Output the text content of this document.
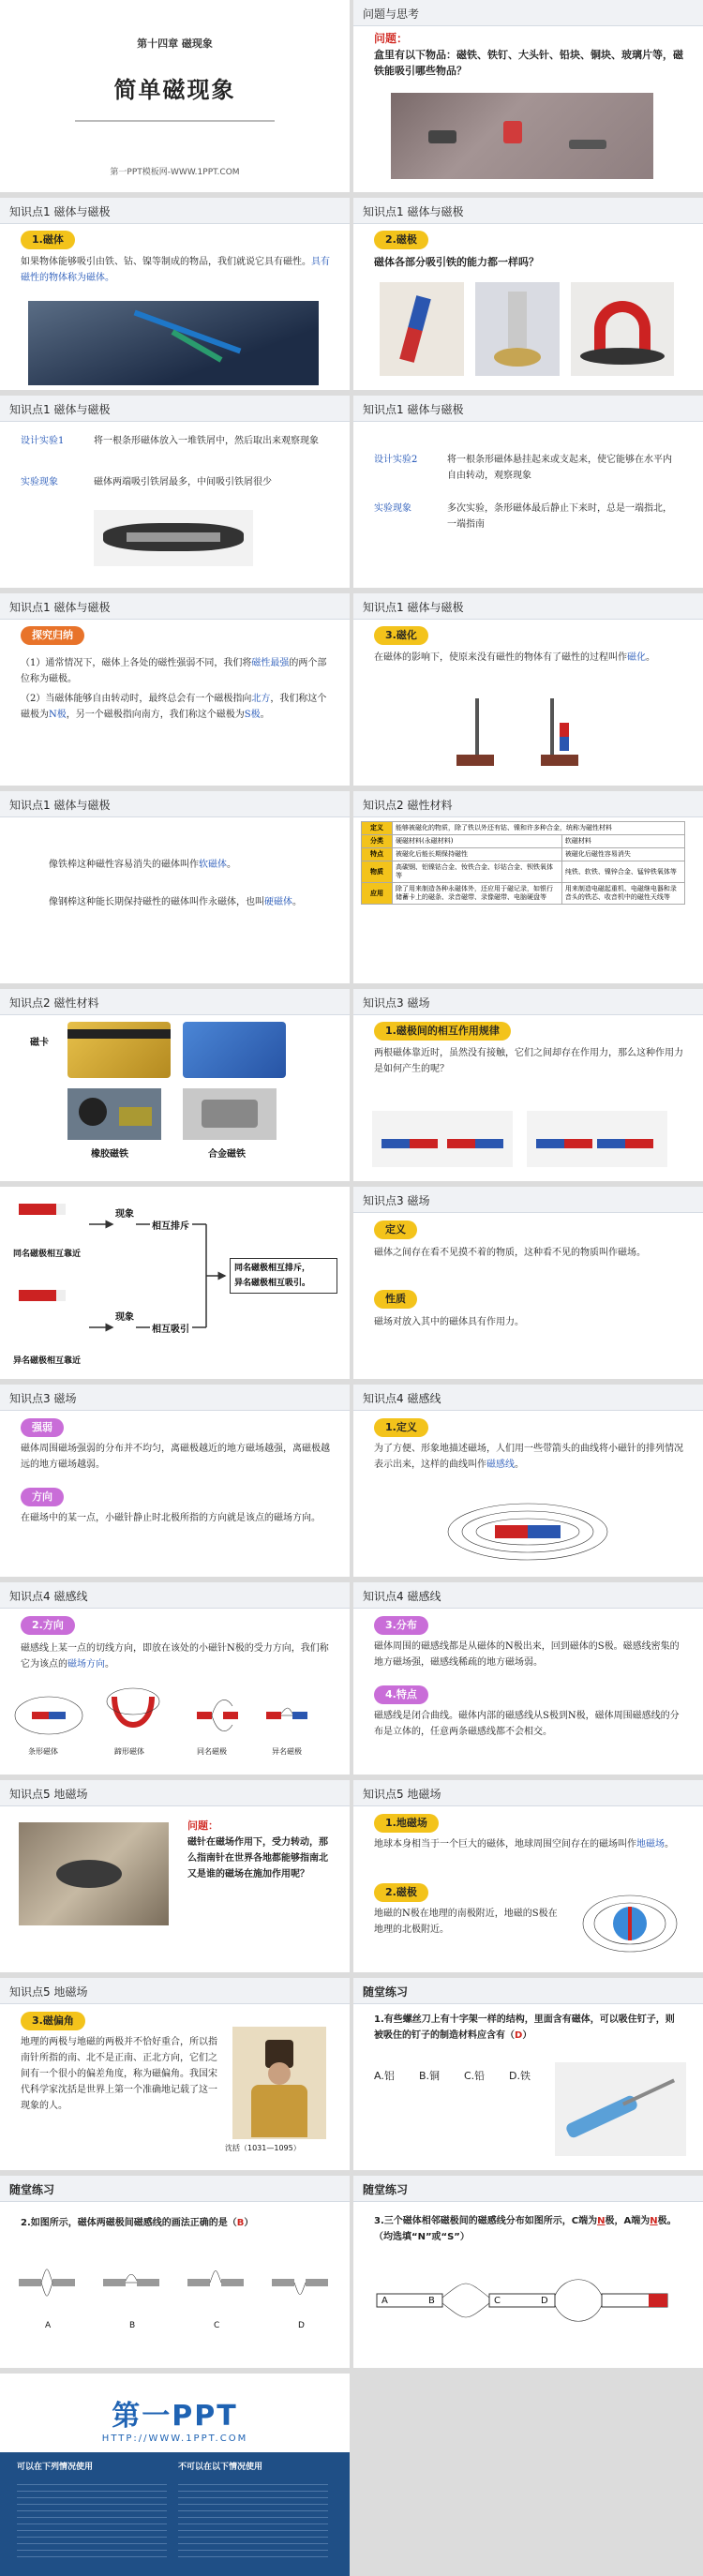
第十四章 磁现象
简单磁现象
第一PPT模板网-WWW.1PPT.COM
问题与思考
问题：
盒里有以下物品：磁铁、铁钉、大头针、铅块、铜块、玻璃片等，磁铁能吸引哪些物品？
知识点1 磁体与磁极
1.磁体
如果物体能够吸引由铁、钴、镍等制成的物品，我们就说它具有磁性。具有磁性的物体称为磁体。
知识点1 磁体与磁极
2.磁极
磁体各部分吸引铁的能力都一样吗？
知识点1 磁体与磁极
设计实验1	将一根条形磁体放入一堆铁屑中，然后取出来观察现象
实验现象	磁体两端吸引铁屑最多，中间吸引铁屑很少
知识点1 磁体与磁极
设计实验2	将一根条形磁体悬挂起来或支起来，使它能够在水平内自由转动，观察现象
实验现象	多次实验，条形磁体最后静止下来时，总是一端指北，一端指南
知识点1 磁体与磁极
探究归纳
（1）通常情况下，磁体上各处的磁性强弱不同，我们将磁性最强的两个部位称为磁极。
（2）当磁体能够自由转动时，最终总会有一个磁极指向北方，我们称这个磁极为N极，另一个磁极指向南方，我们称这个磁极为S极。
知识点1 磁体与磁极
3.磁化
在磁体的影响下，使原来没有磁性的物体有了磁性的过程叫作磁化。
知识点1 磁体与磁极
像铁棒这种磁性容易消失的磁体叫作软磁体。
像钢棒这种能长期保持磁性的磁体叫作永磁体，也叫硬磁体。
知识点2 磁性材料
定义	能够被磁化的物质，除了铁以外还有钴、镍和许多种合金，统称为磁性材料	
分类	硬磁材料(永磁材料)	软磁材料
特点	被磁化后能长期保持磁性	被磁化后磁性容易消失
物质	高碳钢、铝镍钴合金、钕铁合金、钐钴合金、钡铁氧体等	纯铁、软铁、镍锌合金、锰锌铁氧体等
应用	除了用来制造各种永磁体外，还应用于磁记录，如银行储蓄卡上的磁条、录音磁带、录像磁带、电脑硬盘等	用来制造电磁起重机、电磁继电器和录音头的铁芯、收音机中的磁性天线等
知识点2 磁性材料
磁卡
橡胶磁铁	合金磁铁
知识点3 磁场
1.磁极间的相互作用规律
两根磁体靠近时，虽然没有接触，它们之间却存在作用力，那么这种作用力是如何产生的呢？
同名磁极相互靠近
异名磁极相互靠近
现象
现象
相互排斥
相互吸引
同名磁极相互排斥，
异名磁极相互吸引。
知识点3 磁场
定义
磁体之间存在看不见摸不着的物质，这种看不见的物质叫作磁场。
性质
磁场对放入其中的磁体具有作用力。
知识点3 磁场
强弱
磁体周围磁场强弱的分布并不均匀，离磁极越近的地方磁场越强，离磁极越远的地方磁场越弱。
方向
在磁场中的某一点，小磁针静止时北极所指的方向就是该点的磁场方向。
知识点4 磁感线
1.定义
为了方便、形象地描述磁场，人们用一些带箭头的曲线将小磁针的排列情况表示出来，这样的曲线叫作磁感线。
知识点4 磁感线
2.方向
磁感线上某一点的切线方向，即放在该处的小磁针N极的受力方向，我们称它为该点的磁场方向。
条形磁体	蹄形磁体	同名磁极	异名磁极
知识点4 磁感线
3.分布
磁体周围的磁感线都是从磁体的N极出来，回到磁体的S极。磁感线密集的地方磁场强，磁感线稀疏的地方磁场弱。
4.特点
磁感线是闭合曲线。磁体内部的磁感线从S极到N极，磁体周围磁感线的分布是立体的，任意两条磁感线都不会相交。
知识点5 地磁场
问题：
磁针在磁场作用下，受力转动，那么指南针在世界各地都能够指南北又是谁的磁场在施加作用呢？
知识点5 地磁场
1.地磁场
地球本身相当于一个巨大的磁体，地球周围空间存在的磁场叫作地磁场。
2.磁极
地磁的N极在地理的南极附近，地磁的S极在地理的北极附近。
知识点5 地磁场
3.磁偏角
地理的两极与地磁的两极并不恰好重合，所以指南针所指的南、北不是正南、正北方向，它们之间有一个很小的偏差角度，称为磁偏角。我国宋代科学家沈括是世界上第一个准确地记载了这一现象的人。
沈括（1031—1095）
随堂练习
1.有些螺丝刀上有十字架一样的结构，里面含有磁体，可以吸住钉子，则被吸住的钉子的制造材料应含有（D）
A.铝 B.铜 C.铅 D.铁
随堂练习
2.如图所示，磁体两磁极间磁感线的画法正确的是（B）
A	B	C	D
随堂练习
3.三个磁体相邻磁极间的磁感线分布如图所示，C端为N极，A端为N极。（均选填“N”或“S”）
A	B	C	D
第一PPT
HTTP://WWW.1PPT.COM
可以在下列情况使用	不可以在以下情况使用
